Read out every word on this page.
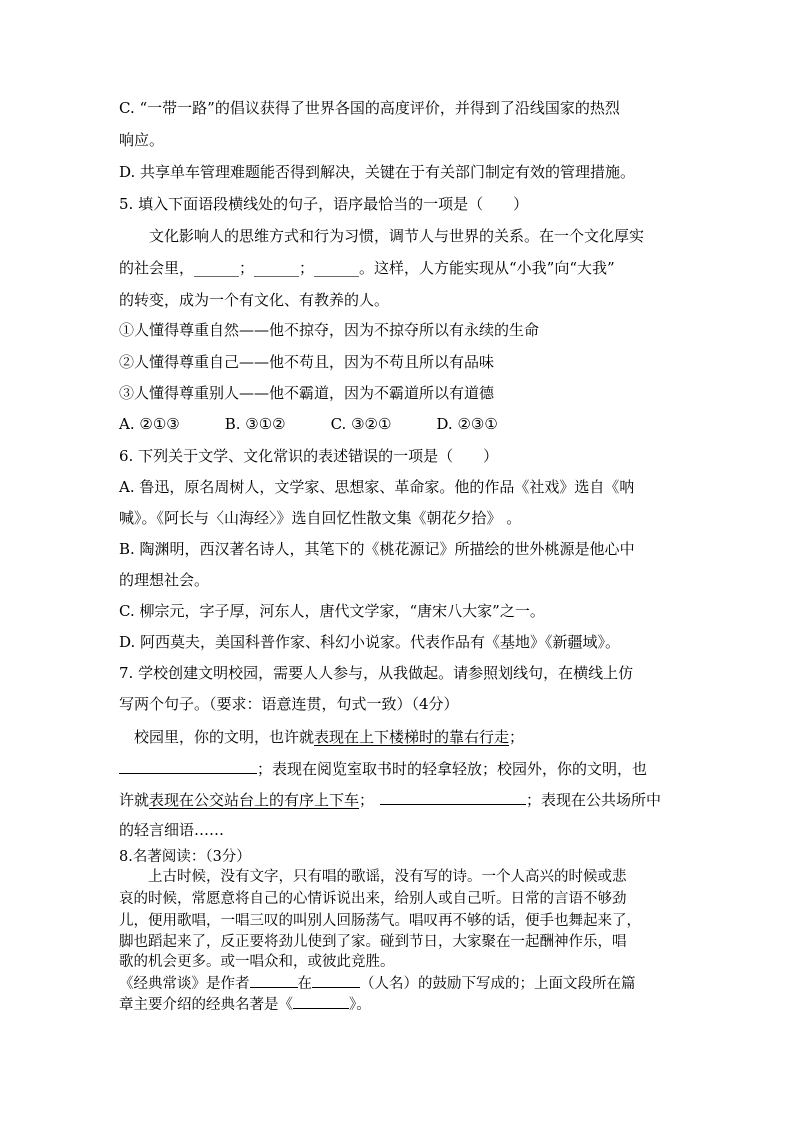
C. “一带一路”的倡议获得了世界各国的高度评价，并得到了沿线国家的热烈
响应。
D. 共享单车管理难题能否得到解决，关键在于有关部门制定有效的管理措施。
5. 填入下面语段横线处的句子，语序最恰当的一项是（　　）
　　文化影响人的思维方式和行为习惯，调节人与世界的关系。在一个文化厚实
的社会里，______；______；______。这样，人方能实现从“小我”向“大我”
的转变，成为一个有文化、有教养的人。
①人懂得尊重自然——他不掠夺，因为不掠夺所以有永续的生命
②人懂得尊重自己——他不苟且，因为不苟且所以有品味
③人懂得尊重别人——他不霸道，因为不霸道所以有道德
A. ②①③　　　B. ③①②　　　C. ③②①　　　D. ②③①
6. 下列关于文学、文化常识的表述错误的一项是（　　）
A. 鲁迅，原名周树人，文学家、思想家、革命家。他的作品《社戏》选自《呐
喊》。《阿长与〈山海经〉》选自回忆性散文集《朝花夕拾》 。
B. 陶渊明，西汉著名诗人，其笔下的《桃花源记》所描绘的世外桃源是他心中
的理想社会。
C. 柳宗元，字子厚，河东人，唐代文学家，“唐宋八大家”之一。
D. 阿西莫夫，美国科普作家、科幻小说家。代表作品有《基地》《新疆域》。
7. 学校创建文明校园，需要人人参与，从我做起。请参照划线句，在横线上仿
写两个句子。（要求：语意连贯，句式一致）（4分）
　校园里，你的文明，也许就表现在上下楼梯时的靠右行走；
；表现在阅览室取书时的轻拿轻放；校园外，你的文明，也
许就表现在公交站台上的有序上下车；	；表现在公共场所中
的轻言细语……
8.名著阅读：（3分）
　　上古时候，没有文字，只有唱的歌谣，没有写的诗。一个人高兴的时候或悲
哀的时候，常愿意将自己的心情诉说出来，给别人或自己听。日常的言语不够劲
儿，便用歌唱，一唱三叹的叫别人回肠荡气。唱叹再不够的话，便手也舞起来了，
脚也蹈起来了，反正要将劲儿使到了家。碰到节日，大家聚在一起酬神作乐，唱
歌的机会更多。或一唱众和，或彼此竞胜。
《经典常谈》是作者	在	（人名）的鼓励下写成的；上面文段所在篇
章主要介绍的经典名著是《	》。
